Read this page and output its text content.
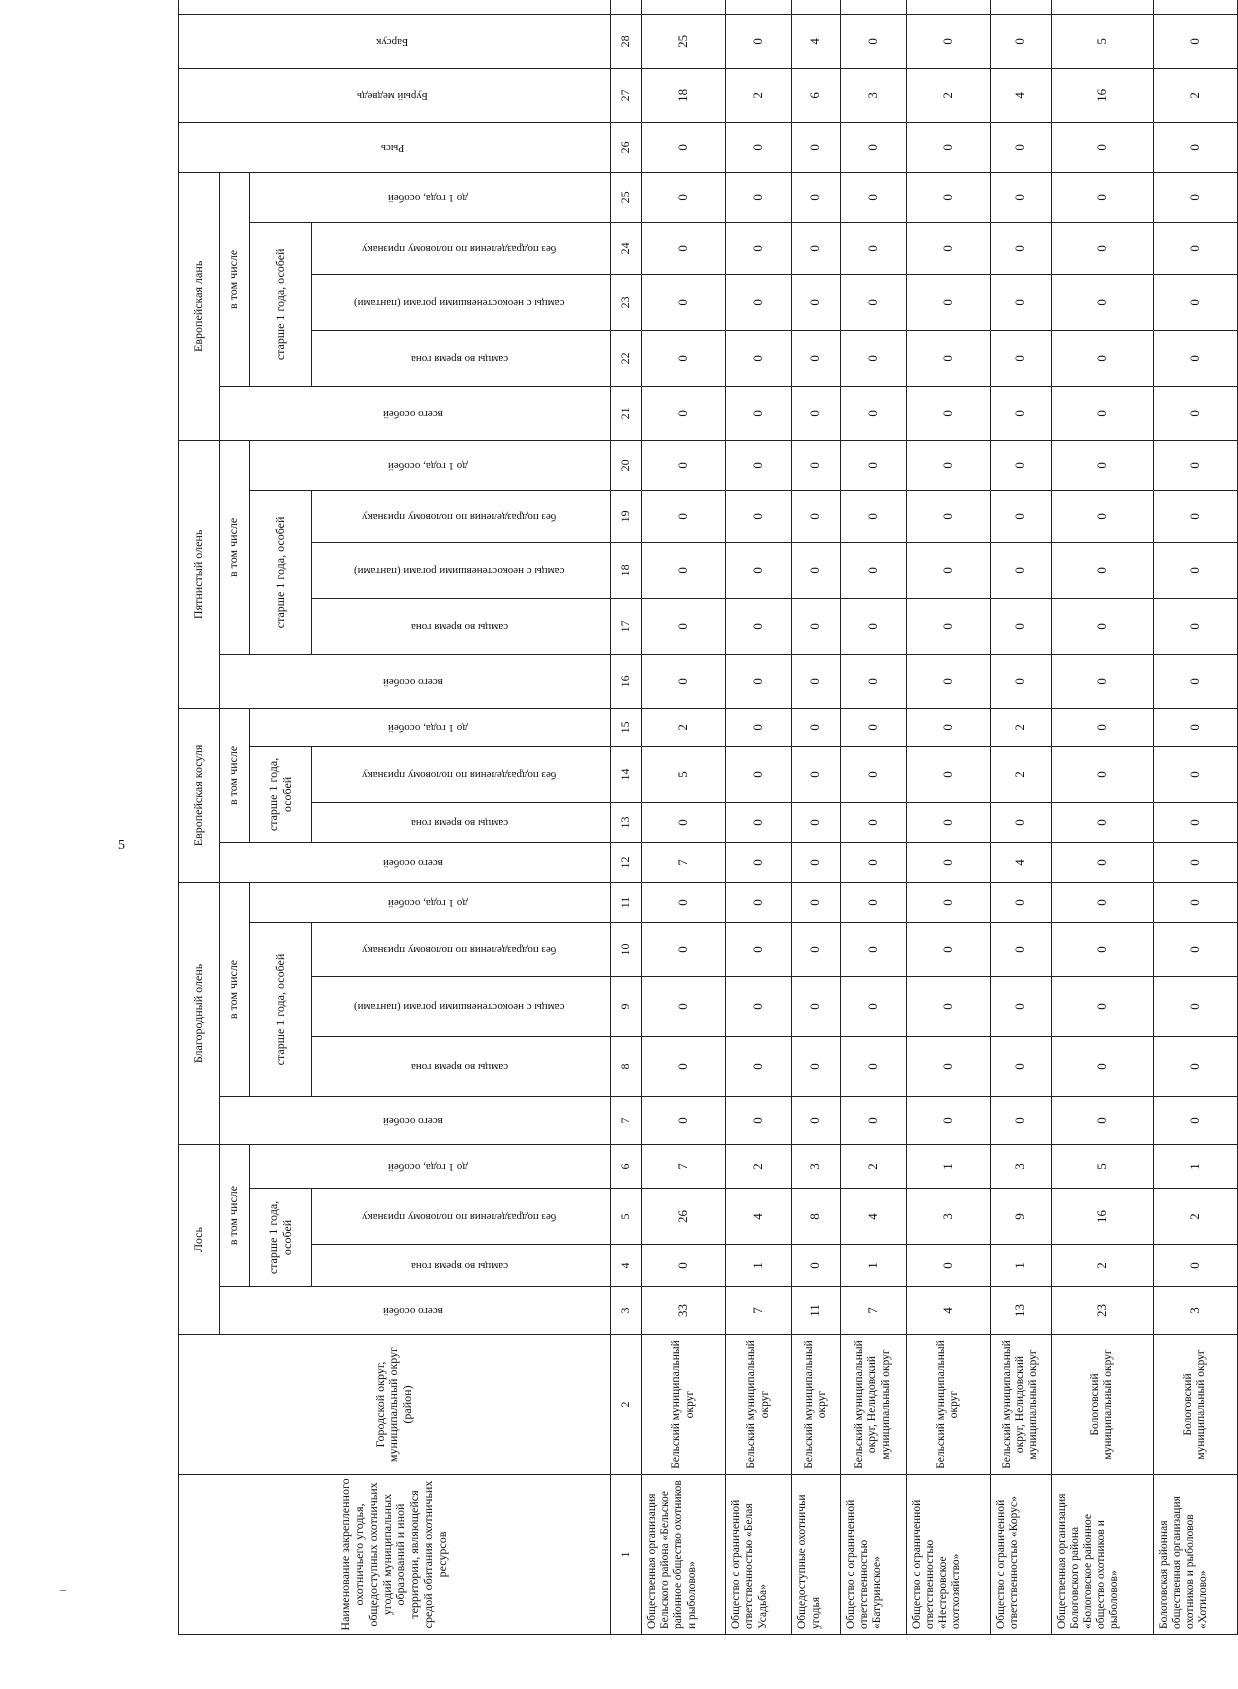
5
Наименование закрепленного охотничьего угодья, общедоступных охотничьих угодий муниципальных образований и иной территории, являющейся средой обитания охотничьих ресурсов	Городской округ, муниципальный округ (район)	Лось				Благородный олень					Европейская косуля				Пятнистый олень					Европейская лань					Рысь	Бурый медведь	Барсук	
		всего особей	в том числе			всего особей	в том числе				всего особей	в том числе			всего особей	в том числе				всего особей	в том числе							
			старше 1 года, особей		до 1 года, особей		старше 1 года, особей			до 1 года, особей		старше 1 года, особей		до 1 года, особей		старше 1 года, особей			до 1 года, особей		старше 1 года, особей			до 1 года, особей				
			самцы во время гона	без подразделения по половому признаку			самцы во время гона	самцы с неокостеневшими рогами (пантами)	без подразделения по половому признаку			самцы во время гона	без подразделения по половому признаку			самцы во время гона	самцы с неокостеневшими рогами (пантами)	без подразделения по половому признаку			самцы во время гона	самцы с неокостеневшими рогами (пантами)	без подразделения по половому признаку					
1	2	3	4	5	6	7	8	9	10	11	12	13	14	15	16	17	18	19	20	21	22	23	24	25	26	27	28	
Общественная организация Бельского района «Бельское районное общество охотников и рыболовов»	Бельский муниципальный округ	33	0	26	7	0	0	0	0	0	7	0	5	2	0	0	0	0	0	0	0	0	0	0	0	18	25	
Общество с ограниченной ответственностью «Белая Усадьба»	Бельский муниципальный округ	7	1	4	2	0	0	0	0	0	0	0	0	0	0	0	0	0	0	0	0	0	0	0	0	2	0	
Общедоступные охотничьи угодья	Бельский муниципальный округ	11	0	8	3	0	0	0	0	0	0	0	0	0	0	0	0	0	0	0	0	0	0	0	0	6	4	
Общество с ограниченной ответственностью «Батуринское»	Бельский муниципальный округ, Нелидовский муниципальный округ	7	1	4	2	0	0	0	0	0	0	0	0	0	0	0	0	0	0	0	0	0	0	0	0	3	0	
Общество с ограниченной ответственностью «Нестеровское охотхозяйство»	Бельский муниципальный округ	4	0	3	1	0	0	0	0	0	0	0	0	0	0	0	0	0	0	0	0	0	0	0	0	2	0	
Общество с ограниченной ответственностью «Корус»	Бельский муниципальный округ, Нелидовский муниципальный округ	13	1	9	3	0	0	0	0	0	4	0	2	2	0	0	0	0	0	0	0	0	0	0	0	4	0	
Общественная организация Бологовского района «Бологовское районное общество охотников и рыболовов»	Бологовский муниципальный округ	23	2	16	5	0	0	0	0	0	0	0	0	0	0	0	0	0	0	0	0	0	0	0	0	16	5	
Бологовская районная общественная организация охотников и рыболовов «Хотилово»	Бологовский муниципальный округ	3	0	2	1	0	0	0	0	0	0	0	0	0	0	0	0	0	0	0	0	0	0	0	0	2	0	
